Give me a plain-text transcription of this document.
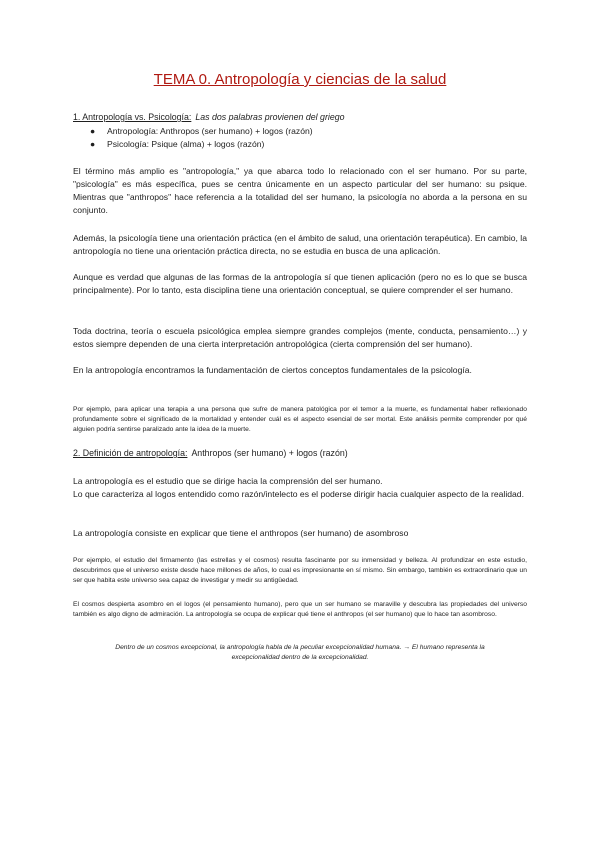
TEMA 0. Antropología y ciencias de la salud
1. Antropología vs. Psicología: Las dos palabras provienen del griego
● Antropología: Anthropos (ser humano) + logos (razón)
● Psicología: Psique (alma) + logos (razón)

El término más amplio es "antropología," ya que abarca todo lo relacionado con el ser humano. Por su parte, "psicología" es más específica, pues se centra únicamente en un aspecto particular del ser humano: su psique. Mientras que "anthropos" hace referencia a la totalidad del ser humano, la psicología no aborda a la persona en su conjunto.

Además, la psicología tiene una orientación práctica (en el ámbito de salud, una orientación terapéutica). En cambio, la antropología no tiene una orientación práctica directa, no se estudia en busca de una aplicación.

Aunque es verdad que algunas de las formas de la antropología sí que tienen aplicación (pero no es lo que se busca principalmente). Por lo tanto, esta disciplina tiene una orientación conceptual, se quiere comprender el ser humano.

Toda doctrina, teoría o escuela psicológica emplea siempre grandes complejos (mente, conducta, pensamiento…) y estos siempre dependen de una cierta interpretación antropológica (cierta comprensión del ser humano).

En la antropología encontramos la fundamentación de ciertos conceptos fundamentales de la psicología.

Por ejemplo, para aplicar una terapia a una persona que sufre de manera patológica por el temor a la muerte, es fundamental haber reflexionado profundamente sobre el significado de la mortalidad y entender cuál es el aspecto esencial de ser mortal. Este análisis permite comprender por qué alguien podría sentirse paralizado ante la idea de la muerte.

2. Definición de antropología: Anthropos (ser humano) + logos (razón)

La antropología es el estudio que se dirige hacia la comprensión del ser humano.

Lo que caracteriza al logos entendido como razón/intelecto es el poderse dirigir hacia cualquier aspecto de la realidad.

La antropología consiste en explicar que tiene el anthropos (ser humano) de asombroso

Por ejemplo, el estudio del firmamento (las estrellas y el cosmos) resulta fascinante por su inmensidad y belleza. Al profundizar en este estudio, descubrimos que el universo existe desde hace millones de años, lo cual es impresionante en sí mismo. Sin embargo, también es extraordinario que un ser que habita este universo sea capaz de investigar y medir su antigüedad.

El cosmos despierta asombro en el logos (el pensamiento humano), pero que un ser humano se maraville y descubra las propiedades del universo también es algo digno de admiración. La antropología se ocupa de explicar qué tiene el anthropos (el ser humano) que lo hace tan asombroso.

Dentro de un cosmos excepcional, la antropología habla de la peculiar excepcionalidad humana. → El humano representa la excepcionalidad dentro de la excepcionalidad.
